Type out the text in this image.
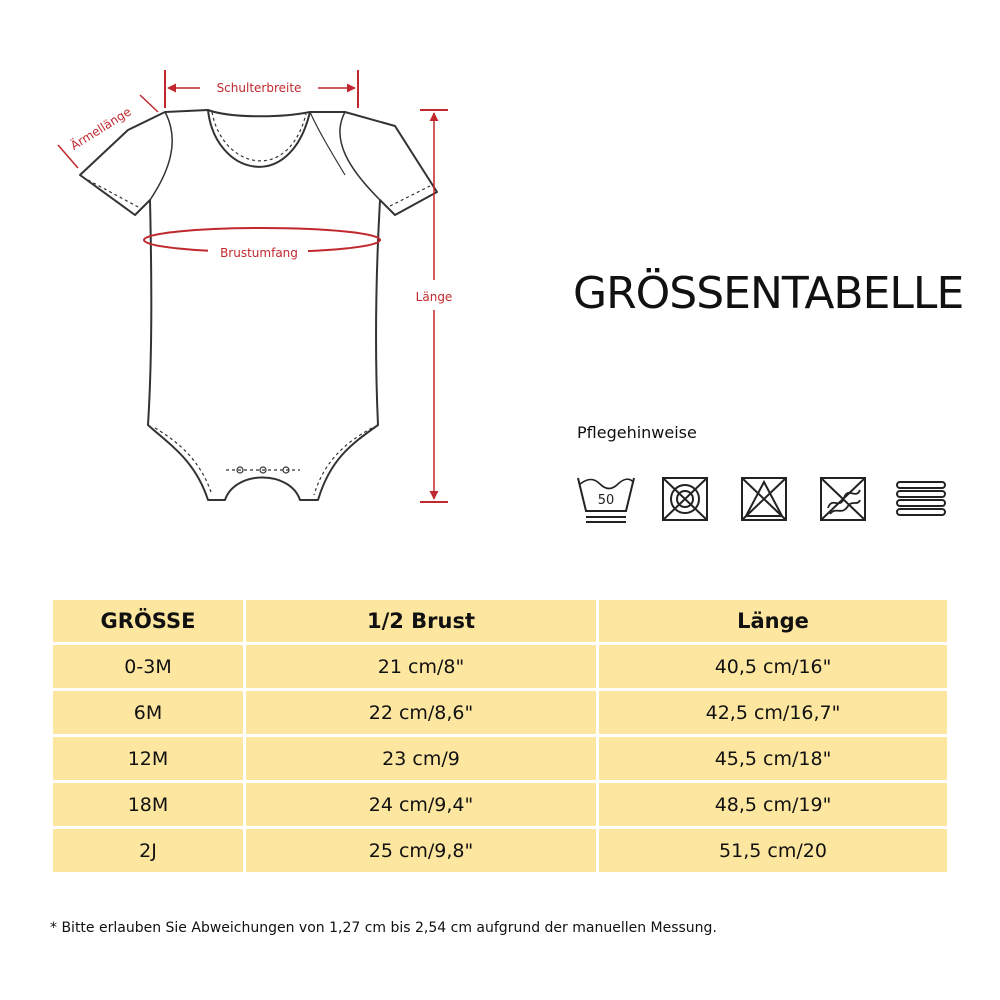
Schulterbreite
Ärmellänge
Brustumfang
Länge	GRÖSSENTABELLE
Pflegehinweise
50
GRÖSSE	1/2 Brust	Länge
0-3M	21 cm/8"	40,5 cm/16"
6M	22 cm/8,6"	42,5 cm/16,7"
12M	23 cm/9	45,5 cm/18"
18M	24 cm/9,4"	48,5 cm/19"
2J	25 cm/9,8"	51,5 cm/20
* Bitte erlauben Sie Abweichungen von 1,27 cm bis 2,54 cm aufgrund der manuellen Messung.
